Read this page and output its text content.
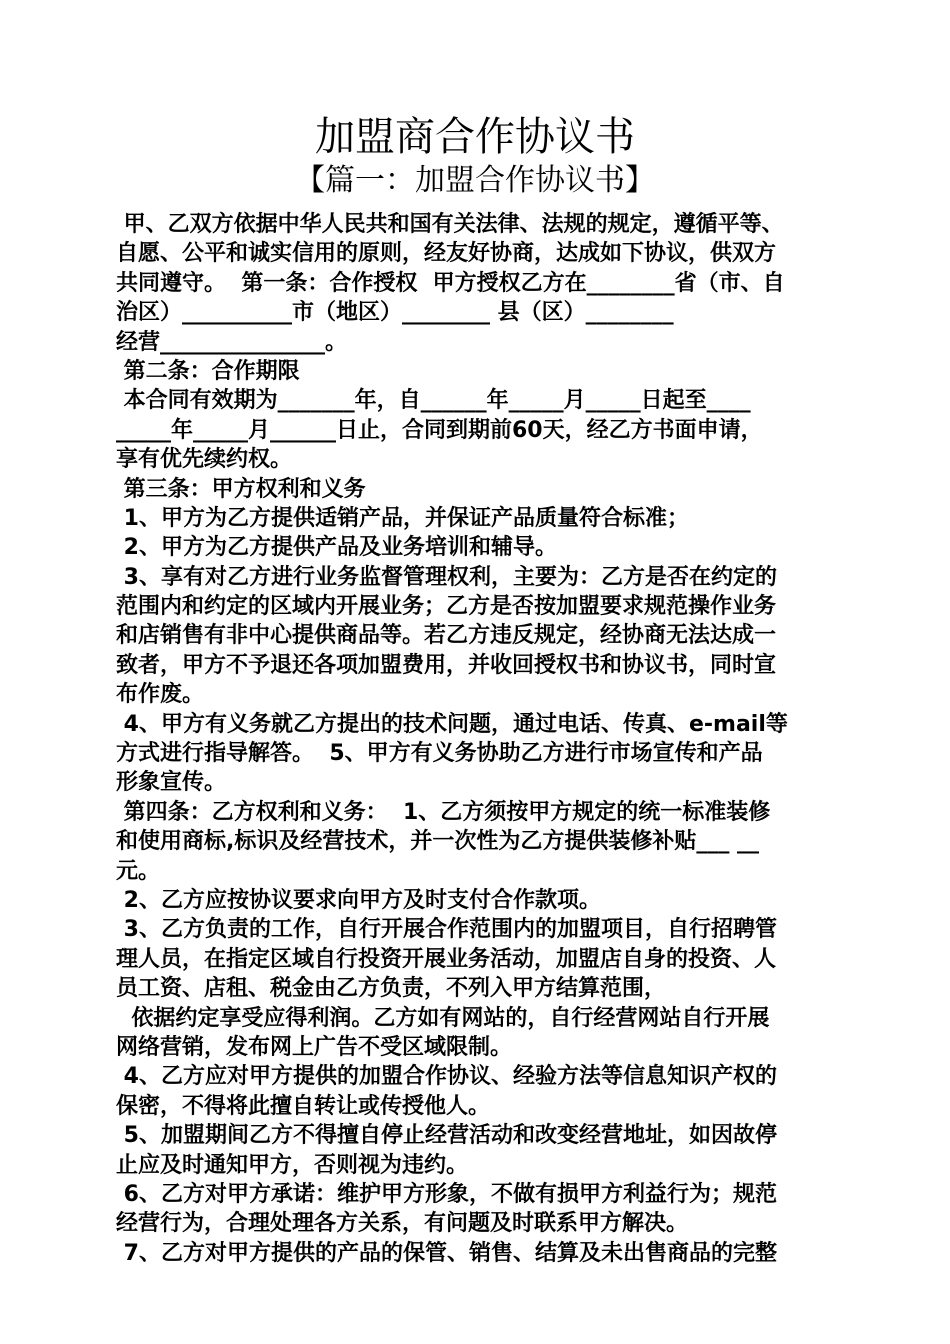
加盟商合作协议书
【篇一：加盟合作协议书】
甲、乙双方依据中华人民共和国有关法律、法规的规定，遵循平等、
自愿、公平和诚实信用的原则，经友好协商，达成如下协议，供双方
共同遵守。  第一条：合作授权  甲方授权乙方在________省（市、自
治区）__________市（地区）________ 县（区）________
经营_______________。
第二条：合作期限
本合同有效期为_______年，自______年_____月_____日起至____
_____年_____月______日止，合同到期前60天，经乙方书面申请，
享有优先续约权。
第三条：甲方权利和义务
1、甲方为乙方提供适销产品，并保证产品质量符合标准；
2、甲方为乙方提供产品及业务培训和辅导。
3、享有对乙方进行业务监督管理权利，主要为：乙方是否在约定的
范围内和约定的区域内开展业务；乙方是否按加盟要求规范操作业务
和店销售有非中心提供商品等。若乙方违反规定，经协商无法达成一
致者，甲方不予退还各项加盟费用，并收回授权书和协议书，同时宣
布作废。
4、甲方有义务就乙方提出的技术问题，通过电话、传真、e-mail等
方式进行指导解答。  5、甲方有义务协助乙方进行市场宣传和产品
形象宣传。
第四条：乙方权利和义务：  1、乙方须按甲方规定的统一标准装修
和使用商标,标识及经营技术，并一次性为乙方提供装修补贴___ __
元。
2、乙方应按协议要求向甲方及时支付合作款项。
3、乙方负责的工作，自行开展合作范围内的加盟项目，自行招聘管
理人员，在指定区域自行投资开展业务活动，加盟店自身的投资、人
员工资、店租、税金由乙方负责，不列入甲方结算范围，
依据约定享受应得利润。乙方如有网站的，自行经营网站自行开展
网络营销，发布网上广告不受区域限制。
4、乙方应对甲方提供的加盟合作协议、经验方法等信息知识产权的
保密，不得将此擅自转让或传授他人。
5、加盟期间乙方不得擅自停止经营活动和改变经营地址，如因故停
止应及时通知甲方，否则视为违约。
6、乙方对甲方承诺：维护甲方形象，不做有损甲方利益行为；规范
经营行为，合理处理各方关系，有问题及时联系甲方解决。
7、乙方对甲方提供的产品的保管、销售、结算及未出售商品的完整
